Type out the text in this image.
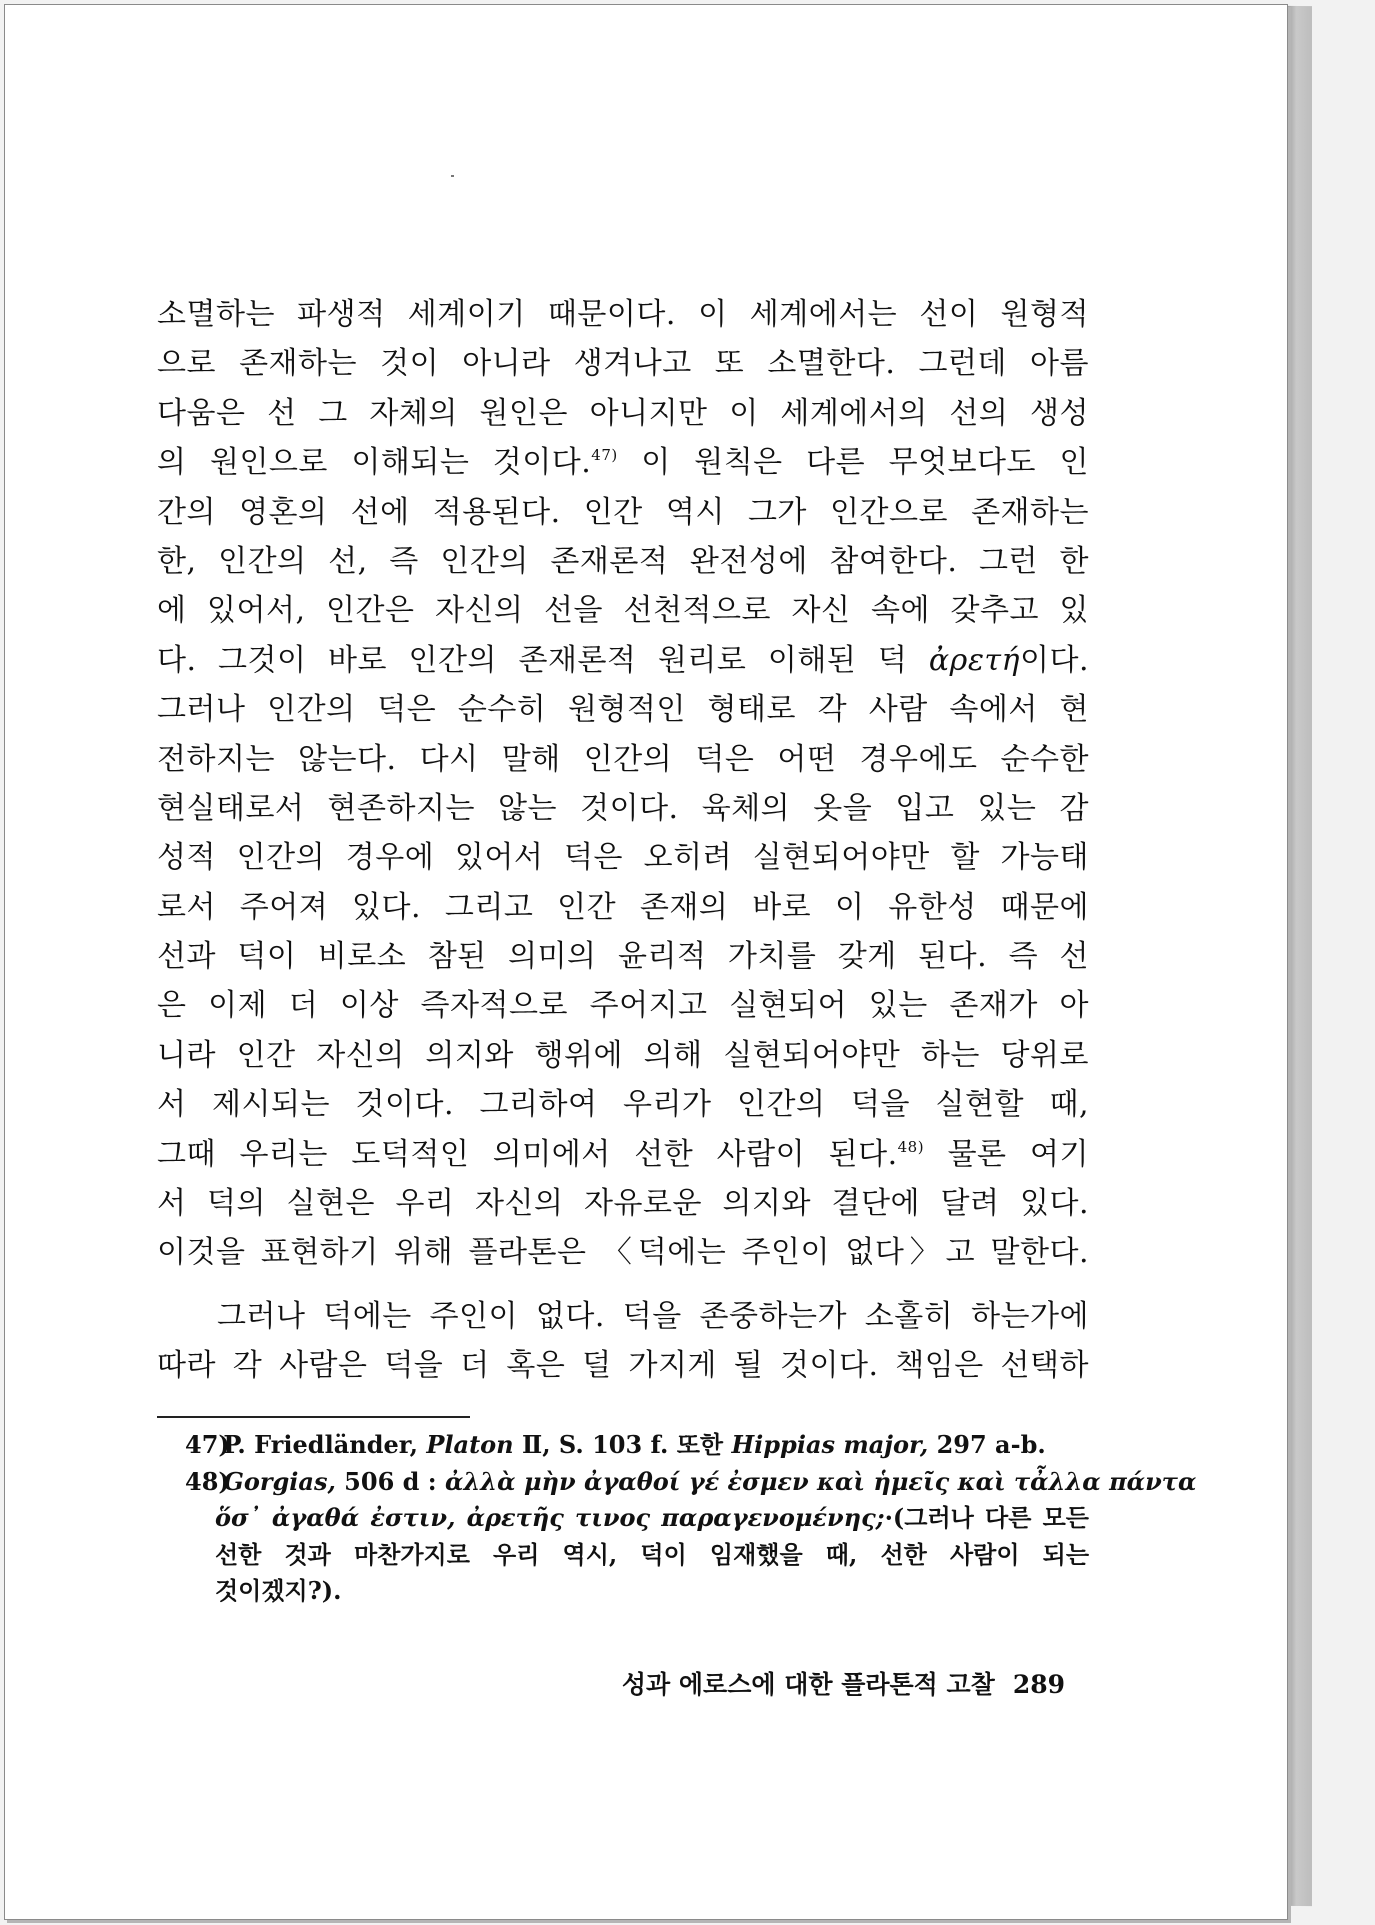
소멸하는 파생적 세계이기 때문이다. 이 세계에서는 선이 원형적
으로 존재하는 것이 아니라 생겨나고 또 소멸한다. 그런데 아름
다움은 선 그 자체의 원인은 아니지만 이 세계에서의 선의 생성
의 원인으로 이해되는 것이다.$^{47)}$ 이 원칙은 다른 무엇보다도 인
간의 영혼의 선에 적용된다. 인간 역시 그가 인간으로 존재하는
한, 인간의 선, 즉 인간의 존재론적 완전성에 참여한다. 그런 한
에 있어서, 인간은 자신의 선을 선천적으로 자신 속에 갖추고 있
다. 그것이 바로 인간의 존재론적 원리로 이해된 덕 ἀρετή이다.
그러나 인간의 덕은 순수히 원형적인 형태로 각 사람 속에서 현
전하지는 않는다. 다시 말해 인간의 덕은 어떤 경우에도 순수한
현실태로서 현존하지는 않는 것이다. 육체의 옷을 입고 있는 감
성적 인간의 경우에 있어서 덕은 오히려 실현되어야만 할 가능태
로서 주어져 있다. 그리고 인간 존재의 바로 이 유한성 때문에
선과 덕이 비로소 참된 의미의 윤리적 가치를 갖게 된다. 즉 선
은 이제 더 이상 즉자적으로 주어지고 실현되어 있는 존재가 아
니라 인간 자신의 의지와 행위에 의해 실현되어야만 하는 당위로
서 제시되는 것이다. 그리하여 우리가 인간의 덕을 실현할 때,
그때 우리는 도덕적인 의미에서 선한 사람이 된다.$^{48)}$ 물론 여기
서 덕의 실현은 우리 자신의 자유로운 의지와 결단에 달려 있다.
이것을 표현하기 위해 플라톤은 〈덕에는 주인이 없다〉고 말한다.
그러나 덕에는 주인이 없다. 덕을 존중하는가 소홀히 하는가에
따라 각 사람은 덕을 더 혹은 덜 가지게 될 것이다. 책임은 선택하
47) P. Friedländer, Platon Ⅱ, S. 103 f. 또한 Hippias major, 297 a-b.
48) Gorgias, 506 d : ἀλλὰ μὴν ἀγαθοί γέ ἐσμεν καὶ ἡμεῖς καὶ τἆλλα πάντα
ὅσ᾽ ἀγαθά ἐστιν, ἀρετῆς τινος παραγενομένης;·(그러나 다른 모든
선한 것과 마찬가지로 우리 역시, 덕이 임재했을 때, 선한 사람이 되는
것이겠지?).
성과 에로스에 대한 플라톤적 고찰 289
